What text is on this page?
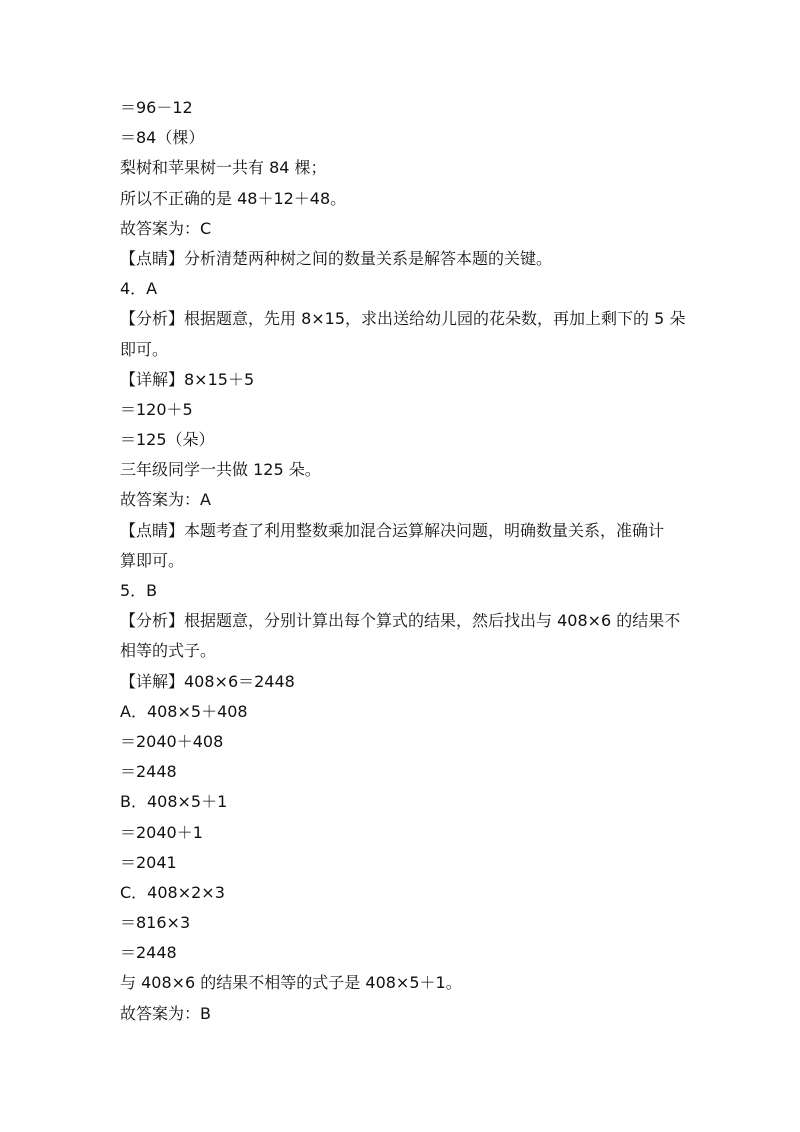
＝96－12
＝84（棵）
梨树和苹果树一共有 84 棵；
所以不正确的是 48＋12＋48。
故答案为：C
【点睛】分析清楚两种树之间的数量关系是解答本题的关键。
4．A
【分析】根据题意，先用 8×15，求出送给幼儿园的花朵数，再加上剩下的 5 朵
即可。
【详解】8×15＋5
＝120＋5
＝125（朵）
三年级同学一共做 125 朵。
故答案为：A
【点睛】本题考查了利用整数乘加混合运算解决问题，明确数量关系，准确计
算即可。
5．B
【分析】根据题意，分别计算出每个算式的结果，然后找出与 408×6 的结果不
相等的式子。
【详解】408×6＝2448
A．408×5＋408
＝2040＋408
＝2448
B．408×5＋1
＝2040＋1
＝2041
C．408×2×3
＝816×3
＝2448
与 408×6 的结果不相等的式子是 408×5＋1。
故答案为：B
